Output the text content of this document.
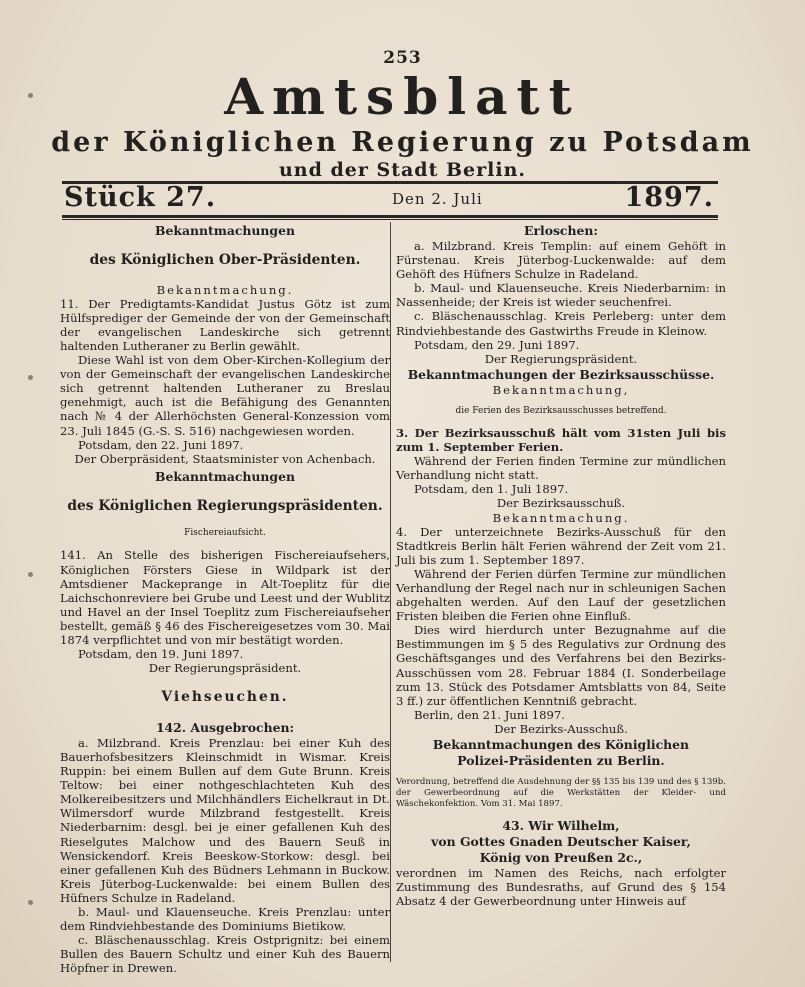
253
Amtsblatt
der Königlichen Regierung zu Potsdam
und der Stadt Berlin.
Stück 27.	Den 2. Juli	1897.

Bekanntmachungen

des Königlichen Ober-Präsidenten.

Bekanntmachung.

11. Der Predigtamts-Kandidat Justus Götz ist zum Hülfsprediger der Gemeinde der von der Gemeinschaft der evangelischen Landeskirche sich getrennt haltenden Lutheraner zu Berlin gewählt.

Diese Wahl ist von dem Ober-Kirchen-Kollegium der von der Gemeinschaft der evangelischen Landeskirche sich getrennt haltenden Lutheraner zu Breslau genehmigt, auch ist die Befähigung des Genannten nach № 4 der Allerhöchsten General-Konzession vom 23. Juli 1845 (G.-S. S. 516) nachgewiesen worden.

Potsdam, den 22. Juni 1897.

Der Oberpräsident, Staatsminister von Achenbach.

Bekanntmachungen

des Königlichen Regierungspräsidenten.

Fischereiaufsicht.

141. An Stelle des bisherigen Fischereiaufsehers, Königlichen Försters Giese in Wildpark ist der Amtsdiener Mackeprange in Alt-Toeplitz für die Laichschonreviere bei Grube und Leest und der Wublitz und Havel an der Insel Toeplitz zum Fischereiaufseher bestellt, gemäß § 46 des Fischereigesetzes vom 30. Mai 1874 verpflichtet und von mir bestätigt worden.

Potsdam, den 19. Juni 1897.

Der Regierungspräsident.

Viehseuchen.

142. Ausgebrochen:

a. Milzbrand. Kreis Prenzlau: bei einer Kuh des Bauerhofsbesitzers Kleinschmidt in Wismar. Kreis Ruppin: bei einem Bullen auf dem Gute Brunn. Kreis Teltow: bei einer nothgeschlachteten Kuh des Molkereibesitzers und Milchhändlers Eichelkraut in Dt. Wilmersdorf wurde Milzbrand festgestellt. Kreis Niederbarnim: desgl. bei je einer gefallenen Kuh des Rieselgutes Malchow und des Bauern Seuß in Wensickendorf. Kreis Beeskow-Storkow: desgl. bei einer gefallenen Kuh des Büdners Lehmann in Buckow. Kreis Jüterbog-Luckenwalde: bei einem Bullen des Hüfners Schulze in Radeland.

b. Maul- und Klauenseuche. Kreis Prenzlau: unter dem Rindviehbestande des Dominiums Bietikow.

c. Bläschenausschlag. Kreis Ostprignitz: bei einem Bullen des Bauern Schultz und einer Kuh des Bauern Höpfner in Drewen.

Erloschen:

a. Milzbrand. Kreis Templin: auf einem Gehöft in Fürstenau. Kreis Jüterbog-Luckenwalde: auf dem Gehöft des Hüfners Schulze in Radeland.

b. Maul- und Klauenseuche. Kreis Niederbarnim: in Nassenheide; der Kreis ist wieder seuchenfrei.

c. Bläschenausschlag. Kreis Perleberg: unter dem Rindviehbestande des Gastwirths Freude in Kleinow.

Potsdam, den 29. Juni 1897.

Der Regierungspräsident.

Bekanntmachungen der Bezirksausschüsse.

Bekanntmachung,

die Ferien des Bezirksausschusses betreffend.

3. Der Bezirksausschuß hält vom 31sten Juli bis zum 1. September Ferien.

Während der Ferien finden Termine zur mündlichen Verhandlung nicht statt.

Potsdam, den 1. Juli 1897.

Der Bezirksausschuß.

Bekanntmachung.

4. Der unterzeichnete Bezirks-Ausschuß für den Stadtkreis Berlin hält Ferien während der Zeit vom 21. Juli bis zum 1. September 1897.

Während der Ferien dürfen Termine zur mündlichen Verhandlung der Regel nach nur in schleunigen Sachen abgehalten werden. Auf den Lauf der gesetzlichen Fristen bleiben die Ferien ohne Einfluß.

Dies wird hierdurch unter Bezugnahme auf die Bestimmungen im § 5 des Regulativs zur Ordnung des Geschäftsganges und des Verfahrens bei den Bezirks-Ausschüssen vom 28. Februar 1884 (I. Sonderbeilage zum 13. Stück des Potsdamer Amtsblatts von 84, Seite 3 ff.) zur öffentlichen Kenntniß gebracht.

Berlin, den 21. Juni 1897.

Der Bezirks-Ausschuß.

Bekanntmachungen des Königlichen

Polizei-Präsidenten zu Berlin.

Verordnung, betreffend die Ausdehnung der §§ 135 bis 139 und des § 139b. der Gewerbeordnung auf die Werkstätten der Kleider- und Wäschekonfektion. Vom 31. Mai 1897.

43. Wir Wilhelm,

von Gottes Gnaden Deutscher Kaiser,

König von Preußen 2c.,

verordnen im Namen des Reichs, nach erfolgter Zustimmung des Bundesraths, auf Grund des § 154 Absatz 4 der Gewerbeordnung unter Hinweis auf
